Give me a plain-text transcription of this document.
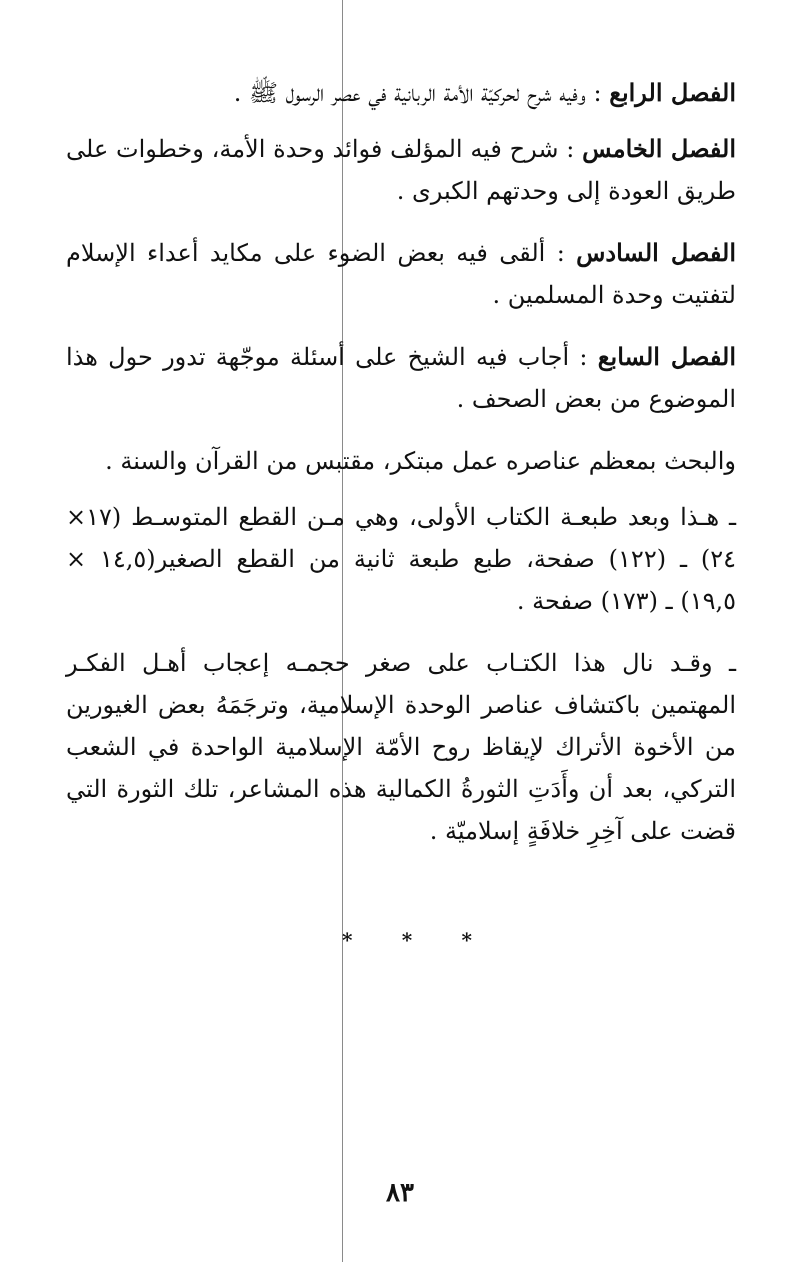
الفصل الرابع : وفيه شرح لحركيّة الأمة الربانية في عصر الرسول ﷺ .

الفصل الخامس : شرح فيه المؤلف فوائد وحدة الأمة، وخطوات على طريق العودة إلى وحدتهم الكبرى .

الفصل السادس : ألقى فيه بعض الضوء على مكايد أعداء الإسلام لتفتيت وحدة المسلمين .

الفصل السابع : أجاب فيه الشيخ على أسئلة موجّهة تدور حول هذا الموضوع من بعض الصحف .

والبحث بمعظم عناصره عمل مبتكر، مقتبس من القرآن والسنة .

ـ هـذا وبعد طبعـة الكتاب الأولى، وهي مـن القطع المتوسـط (١٧× ٢٤) ـ (١٢٢) صفحة، طبع طبعة ثانية من القطع الصغير(١٤,٥ × ١٩,٥) ـ (١٧٣) صفحة .

ـ وقـد نال هذا الكتـاب على صغر حجمـه إعجاب أهـل الفكـر المهتمين باكتشاف عناصر الوحدة الإسلامية، وترجَمَهُ بعض الغيورين من الأخوة الأتراك لإيقاظ روح الأمّة الإسلامية الواحدة في الشعب التركي، بعد أن وأَدَتِ الثورةُ الكمالية هذه المشاعر، تلك الثورة التي قضت على آخِرِ خلافَةٍ إسلاميّة .

* * *
٨٣
